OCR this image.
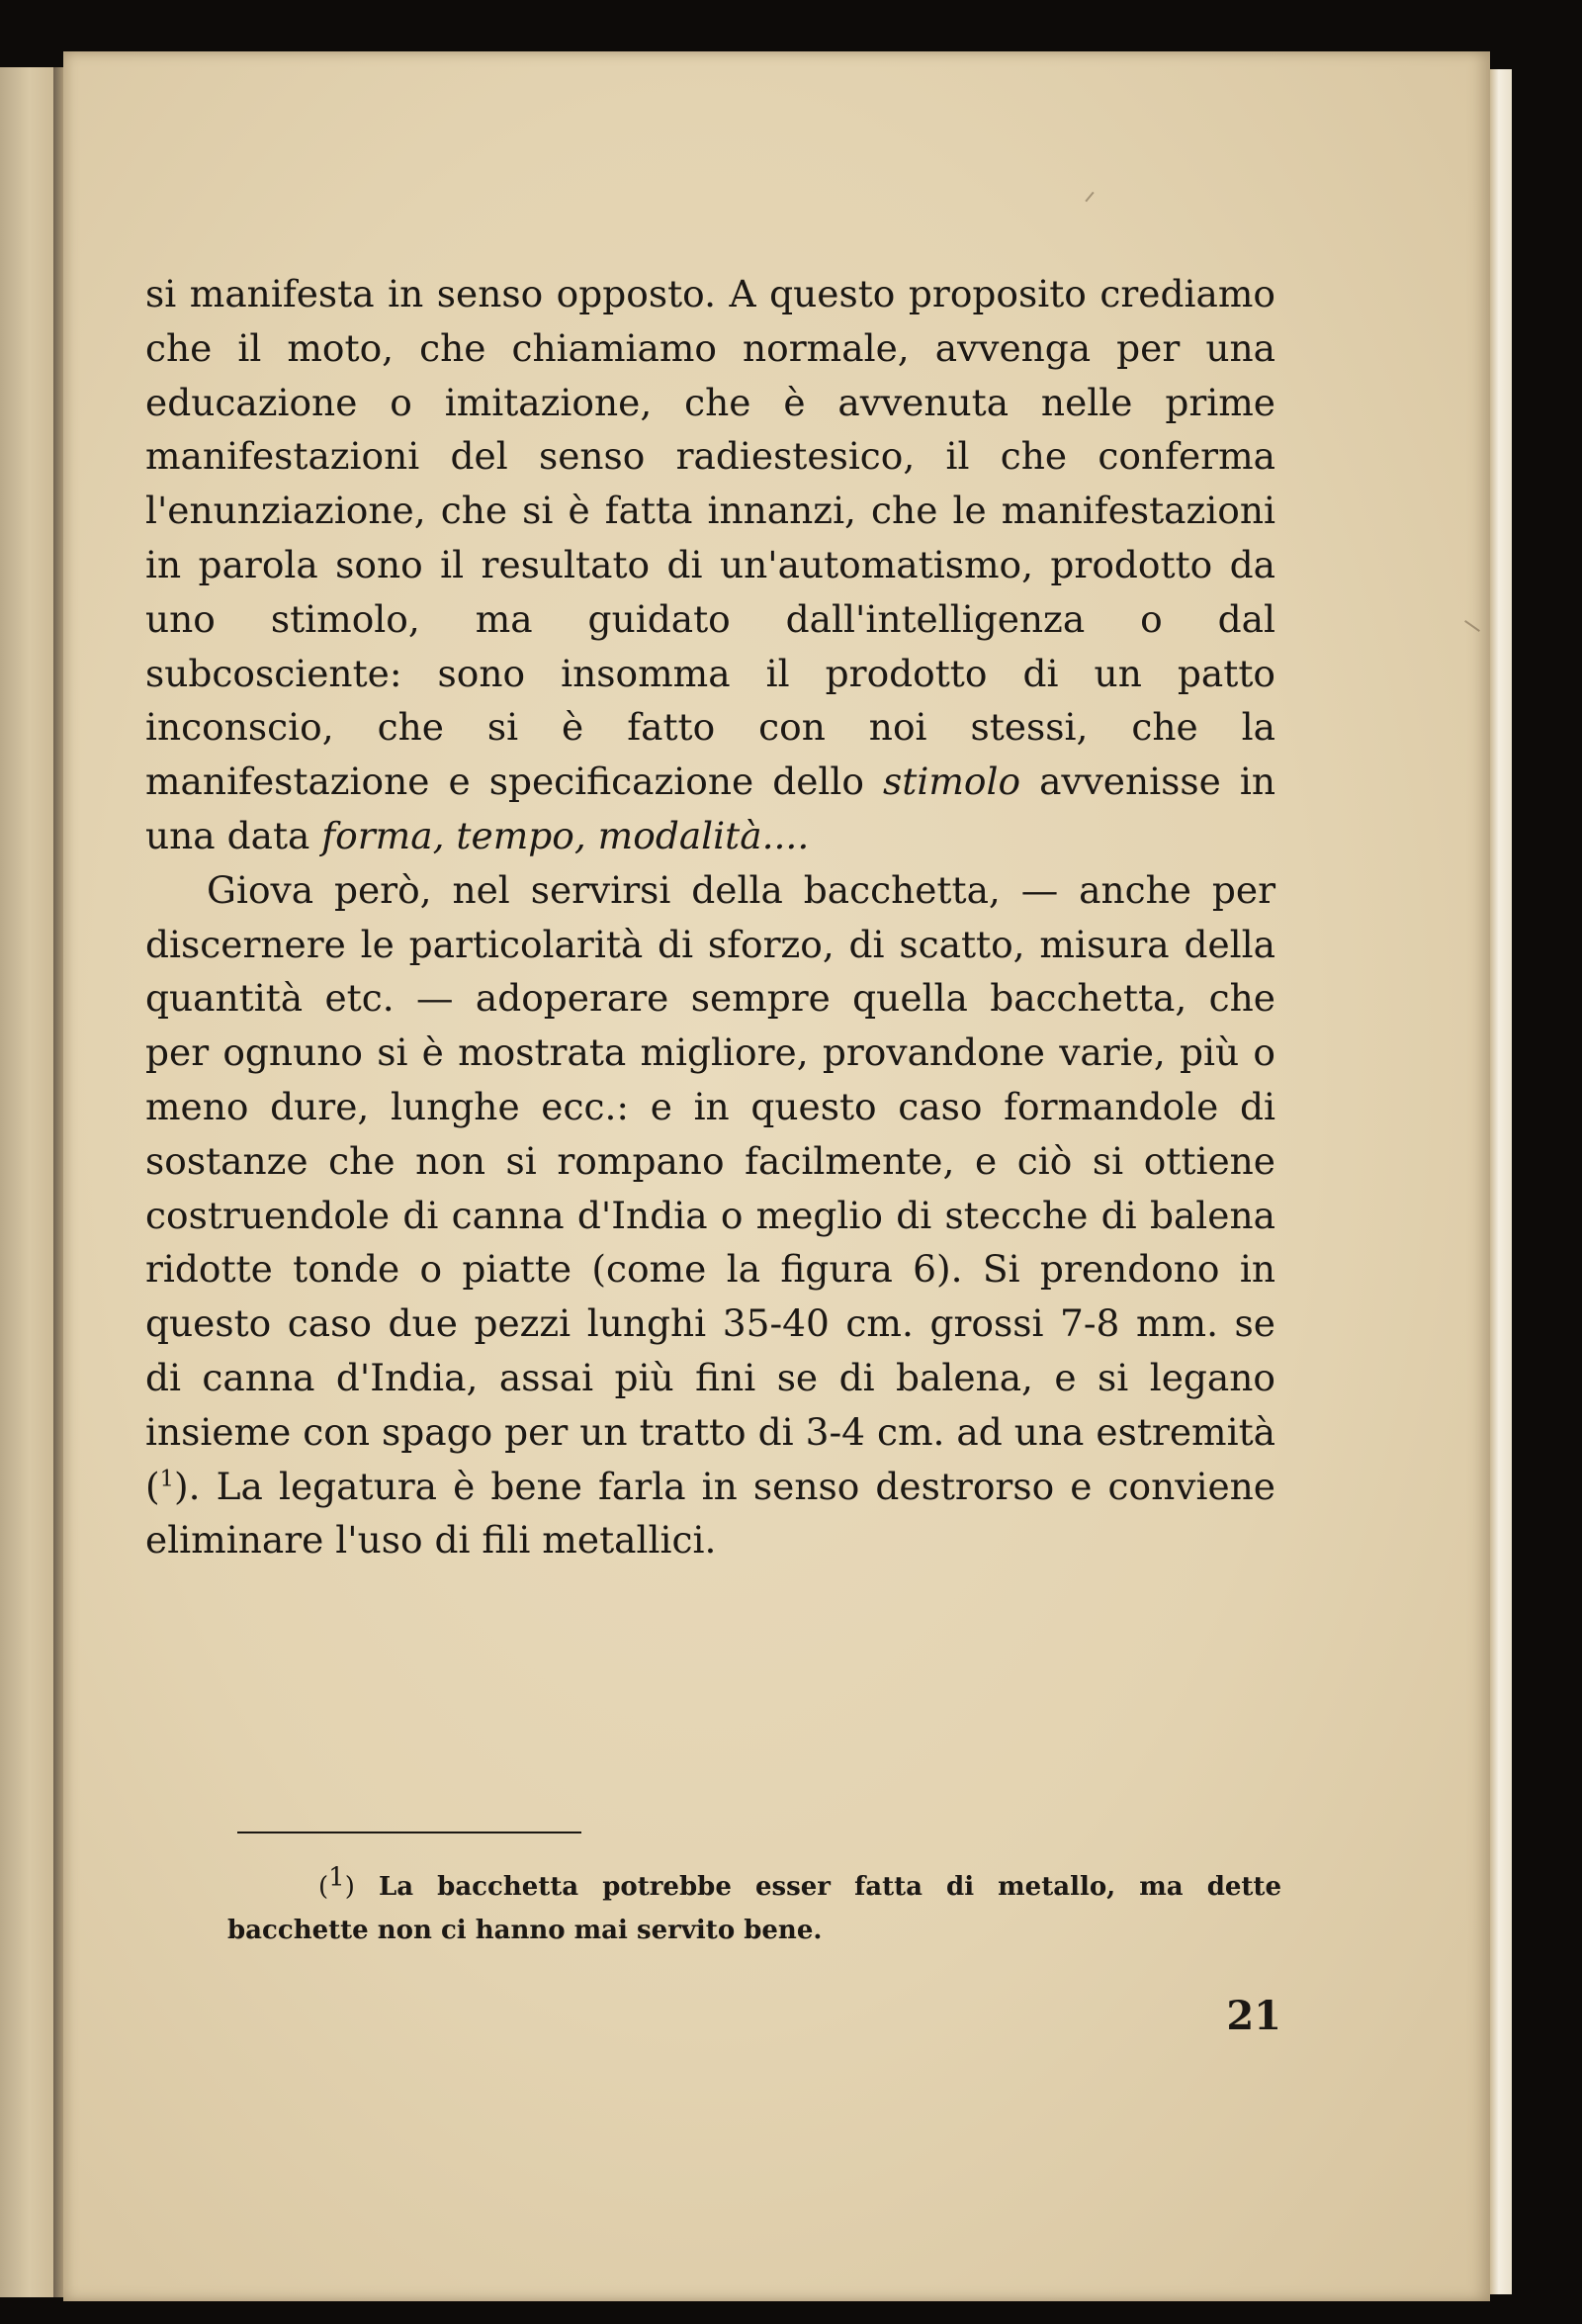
si manifesta in senso opposto. A questo proposito crediamo che il moto, che chiamiamo normale, avvenga per una educazione o imitazione, che è avvenuta nelle prime manifestazioni del senso radiestesico, il che conferma l'enunziazione, che si è fatta innanzi, che le manifestazioni in parola sono il resultato di un'automatismo, prodotto da uno stimolo, ma guidato dall'intelligenza o dal subcosciente: sono insomma il prodotto di un patto inconscio, che si è fatto con noi stessi, che la manifestazione e specificazione dello stimolo avvenisse in una data forma, tempo, modalità....

Giova però, nel servirsi della bacchetta, — anche per discernere le particolarità di sforzo, di scatto, misura della quantità etc. — adoperare sempre quella bacchetta, che per ognuno si è mostrata migliore, provandone varie, più o meno dure, lunghe ecc.: e in questo caso formandole di sostanze che non si rompano facilmente, e ciò si ottiene costruendole di canna d'India o meglio di stecche di balena ridotte tonde o piatte (come la figura 6). Si prendono in questo caso due pezzi lunghi 35-40 cm. grossi 7-8 mm. se di canna d'India, assai più fini se di balena, e si legano insieme con spago per un tratto di 3-4 cm. ad una estremità ($^1$). La legatura è bene farla in senso destrorso e conviene eliminare l'uso di fili metallici.

(1) La bacchetta potrebbe esser fatta di metallo, ma dette bacchette non ci hanno mai servito bene.

21
